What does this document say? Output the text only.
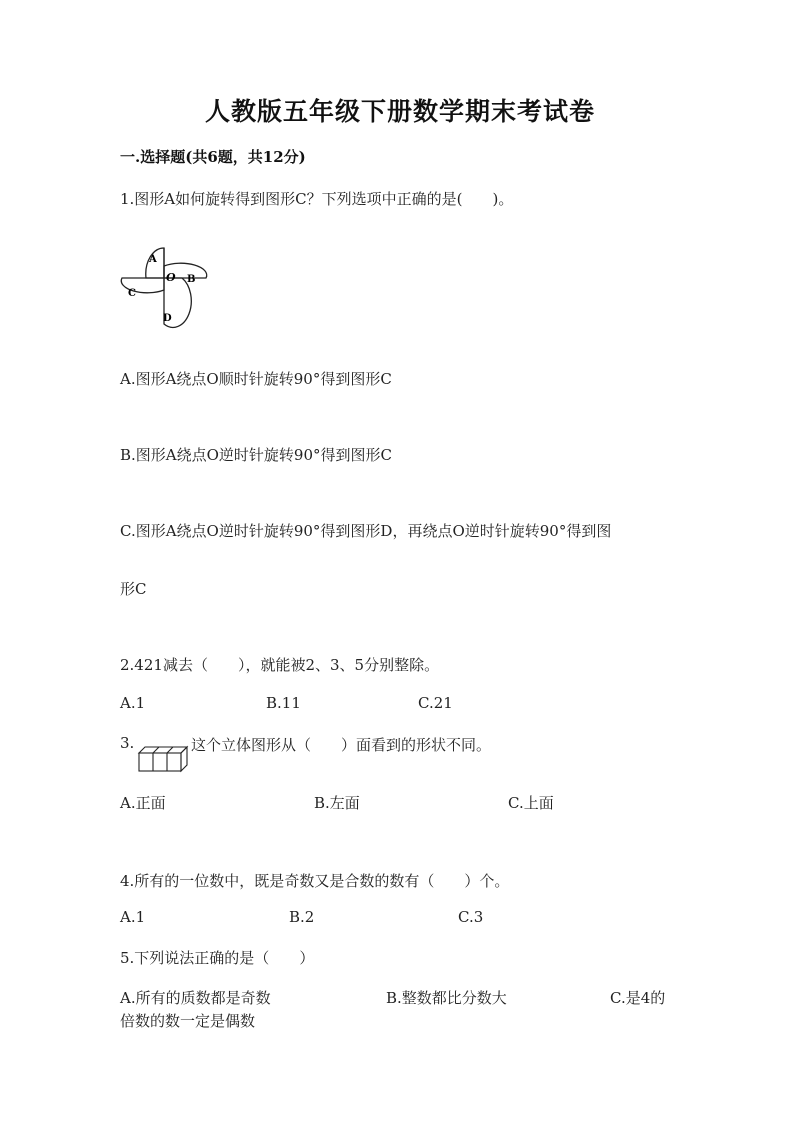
人教版五年级下册数学期末考试卷
一.选择题(共6题，共12分)
1.图形A如何旋转得到图形C？下列选项中正确的是(　　)。
A
B
C
D
O
A.图形A绕点O顺时针旋转90°得到图形C
B.图形A绕点O逆时针旋转90°得到图形C
C.图形A绕点O逆时针旋转90°得到图形D，再绕点O逆时针旋转90°得到图
形C
2.421减去（　　），就能被2、3、5分别整除。
A.1	B.11	C.21
3.	这个立体图形从（　　）面看到的形状不同。
A.正面	B.左面	C.上面
4.所有的一位数中，既是奇数又是合数的数有（　　）个。
A.1	B.2	C.3
5.下列说法正确的是（　　）
A.所有的质数都是奇数	B.整数都比分数大	C.是4的
倍数的数一定是偶数
